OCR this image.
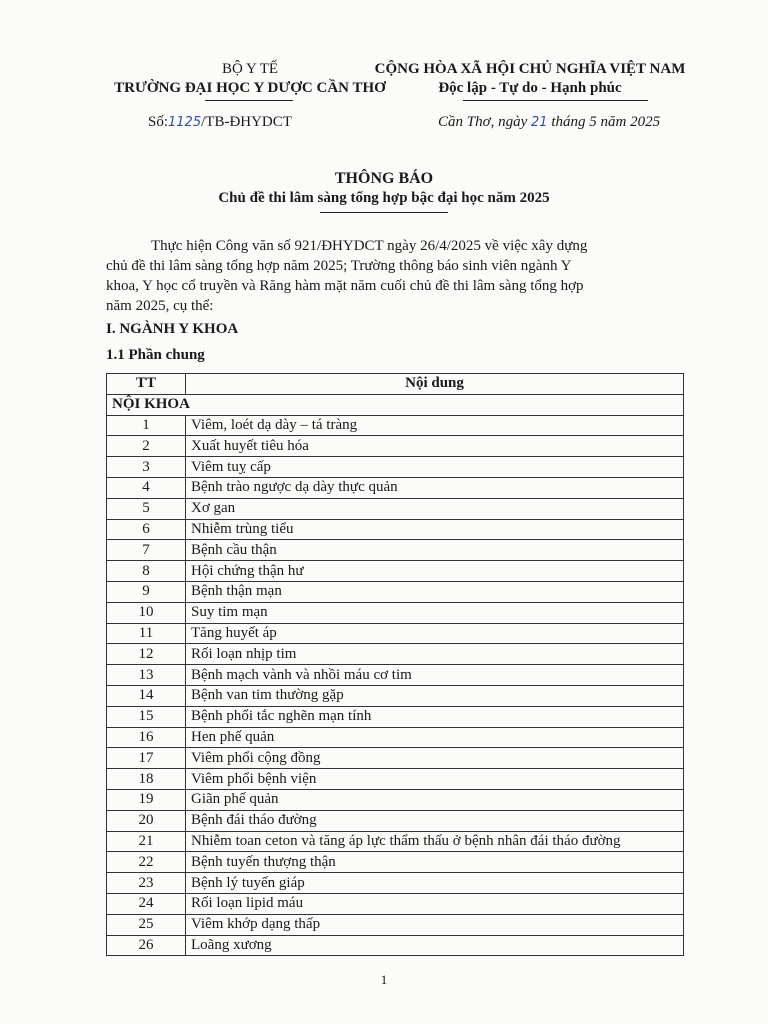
BỘ Y TẾ
TRƯỜNG ĐẠI HỌC Y DƯỢC CẦN THƠ
CỘNG HÒA XÃ HỘI CHỦ NGHĨA VIỆT NAM
Độc lập - Tự do - Hạnh phúc
Số:1125/TB-ĐHYDCT	Cần Thơ, ngày 21 tháng 5 năm 2025
THÔNG BÁO
Chủ đề thi lâm sàng tổng hợp bậc đại học năm 2025
Thực hiện Công văn số 921/ĐHYDCT ngày 26/4/2025 về việc xây dựng
chủ đề thi lâm sàng tổng hợp năm 2025; Trường thông báo sinh viên ngành Y
khoa, Y học cổ truyền và Răng hàm mặt năm cuối chủ đề thi lâm sàng tổng hợp
năm 2025, cụ thể:
I. NGÀNH Y KHOA
1.1 Phần chung
TT	Nội dung
NỘI KHOA	
1	Viêm, loét dạ dày – tá tràng
2	Xuất huyết tiêu hóa
3	Viêm tuỵ cấp
4	Bệnh trào ngược dạ dày thực quản
5	Xơ gan
6	Nhiễm trùng tiểu
7	Bệnh cầu thận
8	Hội chứng thận hư
9	Bệnh thận mạn
10	Suy tim mạn
11	Tăng huyết áp
12	Rối loạn nhịp tim
13	Bệnh mạch vành và nhồi máu cơ tim
14	Bệnh van tim thường gặp
15	Bệnh phổi tắc nghẽn mạn tính
16	Hen phế quản
17	Viêm phổi cộng đồng
18	Viêm phổi bệnh viện
19	Giãn phế quản
20	Bệnh đái tháo đường
21	Nhiễm toan ceton và tăng áp lực thẩm thấu ở bệnh nhân đái tháo đường
22	Bệnh tuyến thượng thận
23	Bệnh lý tuyến giáp
24	Rối loạn lipid máu
25	Viêm khớp dạng thấp
26	Loãng xương
1
